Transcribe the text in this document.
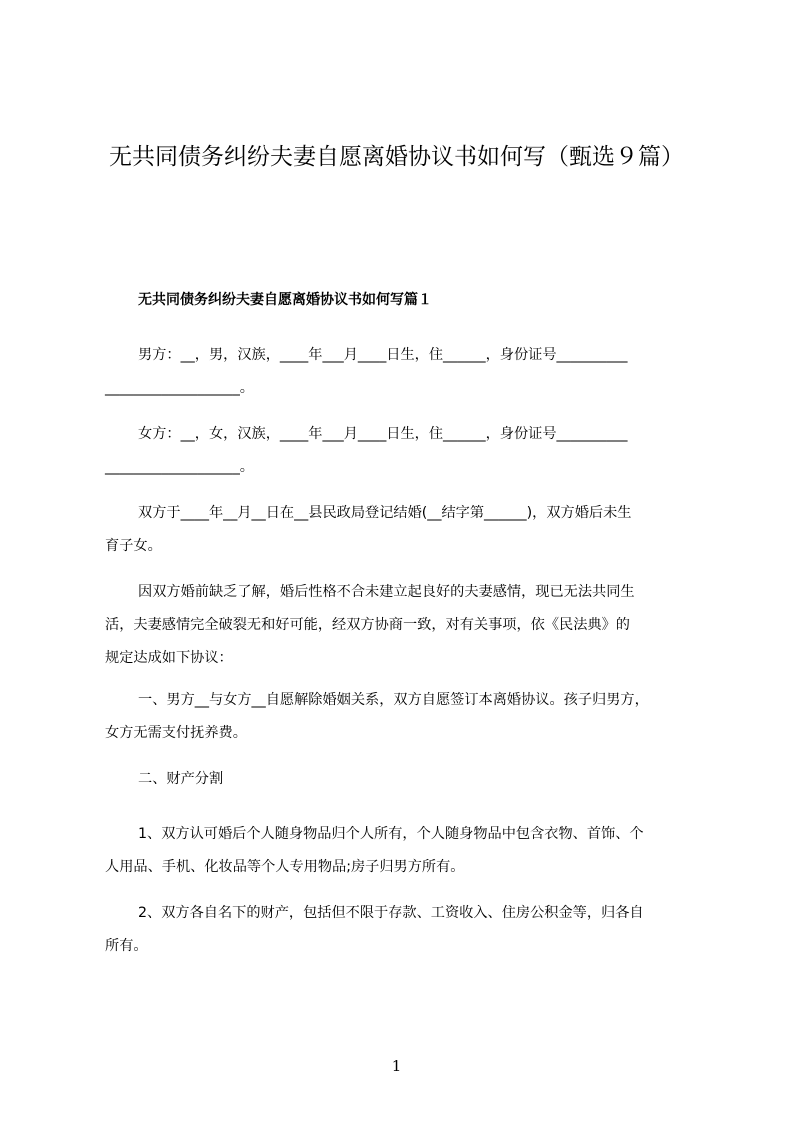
无共同债务纠纷夫妻自愿离婚协议书如何写（甄选９篇）
无共同债务纠纷夫妻自愿离婚协议书如何写篇１
男方：__，男，汉族，____年___月____日生，住______，身份证号__________
___________________。
女方：__，女，汉族，____年___月____日生，住______，身份证号__________
___________________。
双方于____年__月__日在__县民政局登记结婚(__结字第______)，双方婚后未生
育子女。
因双方婚前缺乏了解，婚后性格不合未建立起良好的夫妻感情，现已无法共同生
活，夫妻感情完全破裂无和好可能，经双方协商一致，对有关事项，依《民法典》的
规定达成如下协议：
一、男方__与女方__自愿解除婚姻关系，双方自愿签订本离婚协议。孩子归男方，
女方无需支付抚养费。
二、财产分割
1、双方认可婚后个人随身物品归个人所有，个人随身物品中包含衣物、首饰、个
人用品、手机、化妆品等个人专用物品;房子归男方所有。
2、双方各自名下的财产，包括但不限于存款、工资收入、住房公积金等，归各自
所有。
1
